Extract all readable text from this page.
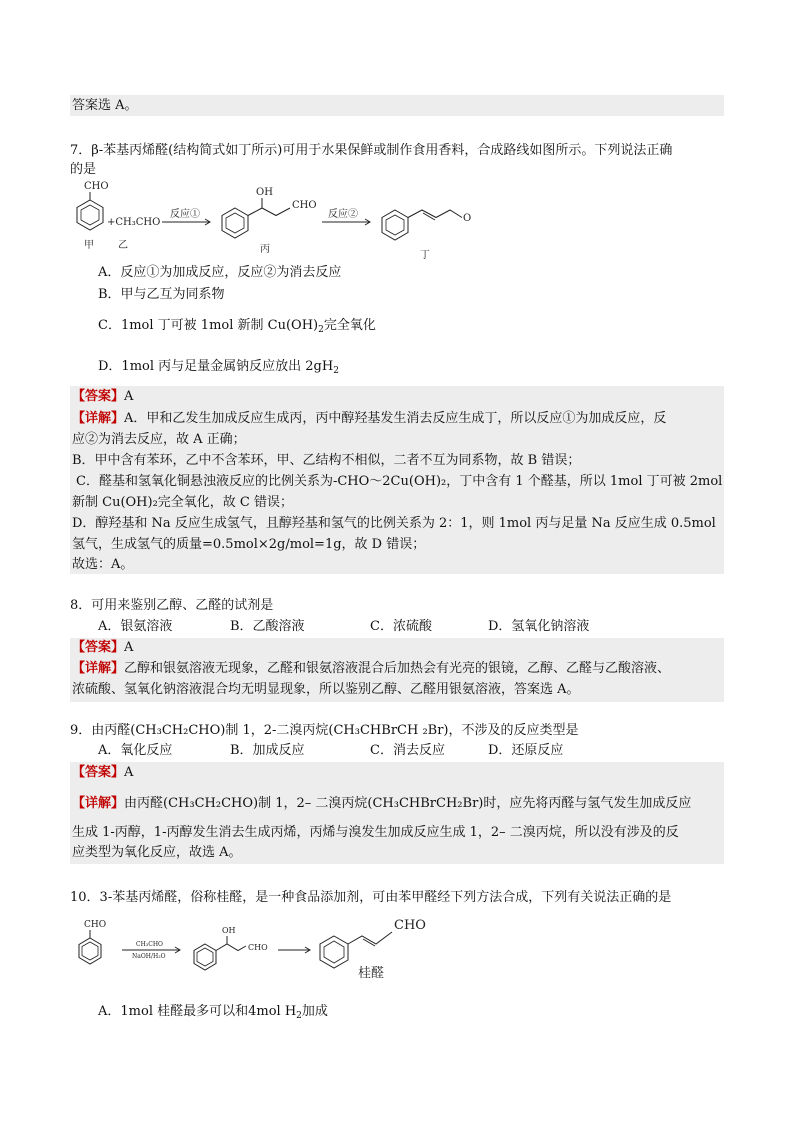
答案选 A。
7．β-苯基丙烯醛(结构简式如丁所示)可用于水果保鲜或制作食用香料，合成路线如图所示。下列说法正确
的是
CHO
+CH₃CHO
反应①
OH
CHO
反应②	O
甲 乙	丙
丁
A．反应①为加成反应，反应②为消去反应
B．甲与乙互为同系物
C．1mol 丁可被 1mol 新制 $Cu(OH)_2$完全氧化
D．1mol 丙与足量金属钠反应放出 $2gH_2$
【答案】A
【详解】A．甲和乙发生加成反应生成丙，丙中醇羟基发生消去反应生成丁，所以反应①为加成反应，反
应②为消去反应，故 A 正确；
B．甲中含有苯环，乙中不含苯环，甲、乙结构不相似，二者不互为同系物，故 B 错误；
C．醛基和氢氧化铜悬浊液反应的比例关系为-CHO～2Cu(OH)₂，丁中含有 1 个醛基，所以 1mol 丁可被 2mol
新制 Cu(OH)₂完全氧化，故 C 错误；
D．醇羟基和 Na 反应生成氢气，且醇羟基和氢气的比例关系为 2：1，则 1mol 丙与足量 Na 反应生成 0.5mol
氢气，生成氢气的质量=0.5mol×2g/mol=1g，故 D 错误；
故选：A。
8．可用来鉴别乙醇、乙醛的试剂是
A．银氨溶液	B．乙酸溶液	C．浓硫酸	D．氢氧化钠溶液
【答案】A
【详解】乙醇和银氨溶液无现象，乙醛和银氨溶液混合后加热会有光亮的银镜，乙醇、乙醛与乙酸溶液、
浓硫酸、氢氧化钠溶液混合均无明显现象，所以鉴别乙醇、乙醛用银氨溶液，答案选 A。
9．由丙醛(CH₃CH₂CHO)制 1，2-二溴丙烷(CH₃CHBrCH ₂Br)，不涉及的反应类型是
A．氧化反应	B．加成反应	C．消去反应	D．还原反应
【答案】A
【详解】由丙醛(CH₃CH₂CHO)制 1，2– 二溴丙烷(CH₃CHBrCH₂Br)时，应先将丙醛与氢气发生加成反应
生成 1-丙醇，1-丙醇发生消去生成丙烯，丙烯与溴发生加成反应生成 1，2– 二溴丙烷，所以没有涉及的反
应类型为氧化反应，故选 A。
10．3-苯基丙烯醛，俗称桂醛，是一种食品添加剂，可由苯甲醛经下列方法合成，下列有关说法正确的是
CHO
CH₃CHO
NaOH/H₂O
OH
CHO
CHO
桂醛
A．1mol 桂醛最多可以和4mol $H_2$加成
